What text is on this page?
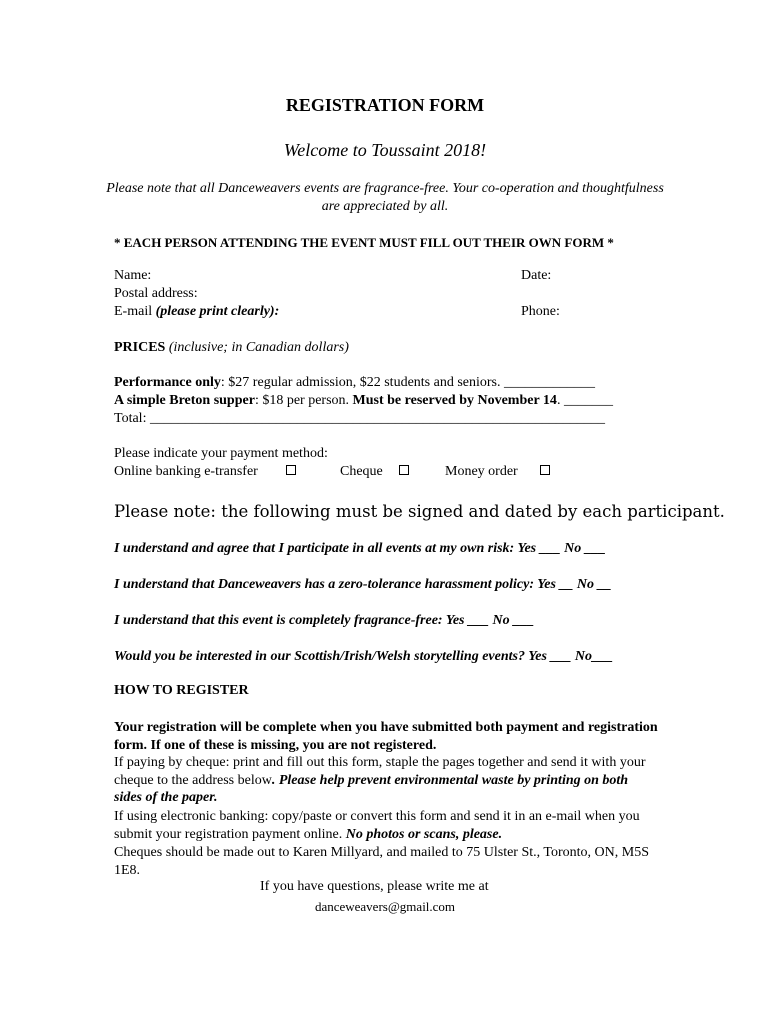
REGISTRATION FORM
Welcome to Toussaint 2018!
Please note that all Danceweavers events are fragrance-free. Your co-operation and thoughtfulness are appreciated by all.
* EACH PERSON ATTENDING THE EVENT MUST FILL OUT THEIR OWN FORM *
Name:	Date:
Postal address:
E-mail (please print clearly):	Phone:
PRICES (inclusive; in Canadian dollars)
Performance only: $27 regular admission, $22 students and seniors. _____________
A simple Breton supper: $18 per person. Must be reserved by November 14. _______
Total: _________________________________________________________________
Please indicate your payment method:
Online banking e-transfer	Cheque	Money order
Please note: the following must be signed and dated by each participant.
I understand and agree that I participate in all events at my own risk: Yes ___ No ___
I understand that Danceweavers has a zero-tolerance harassment policy: Yes __ No __
I understand that this event is completely fragrance-free: Yes ___ No ___
Would you be interested in our Scottish/Irish/Welsh storytelling events? Yes ___ No___
HOW TO REGISTER
Your registration will be complete when you have submitted both payment and registration form. If one of these is missing, you are not registered.
If paying by cheque: print and fill out this form, staple the pages together and send it with your cheque to the address below. Please help prevent environmental waste by printing on both sides of the paper.
If using electronic banking: copy/paste or convert this form and send it in an e-mail when you submit your registration payment online. No photos or scans, please.
Cheques should be made out to Karen Millyard, and mailed to 75 Ulster St., Toronto, ON, M5S 1E8.
If you have questions, please write me at
danceweavers@gmail.com
